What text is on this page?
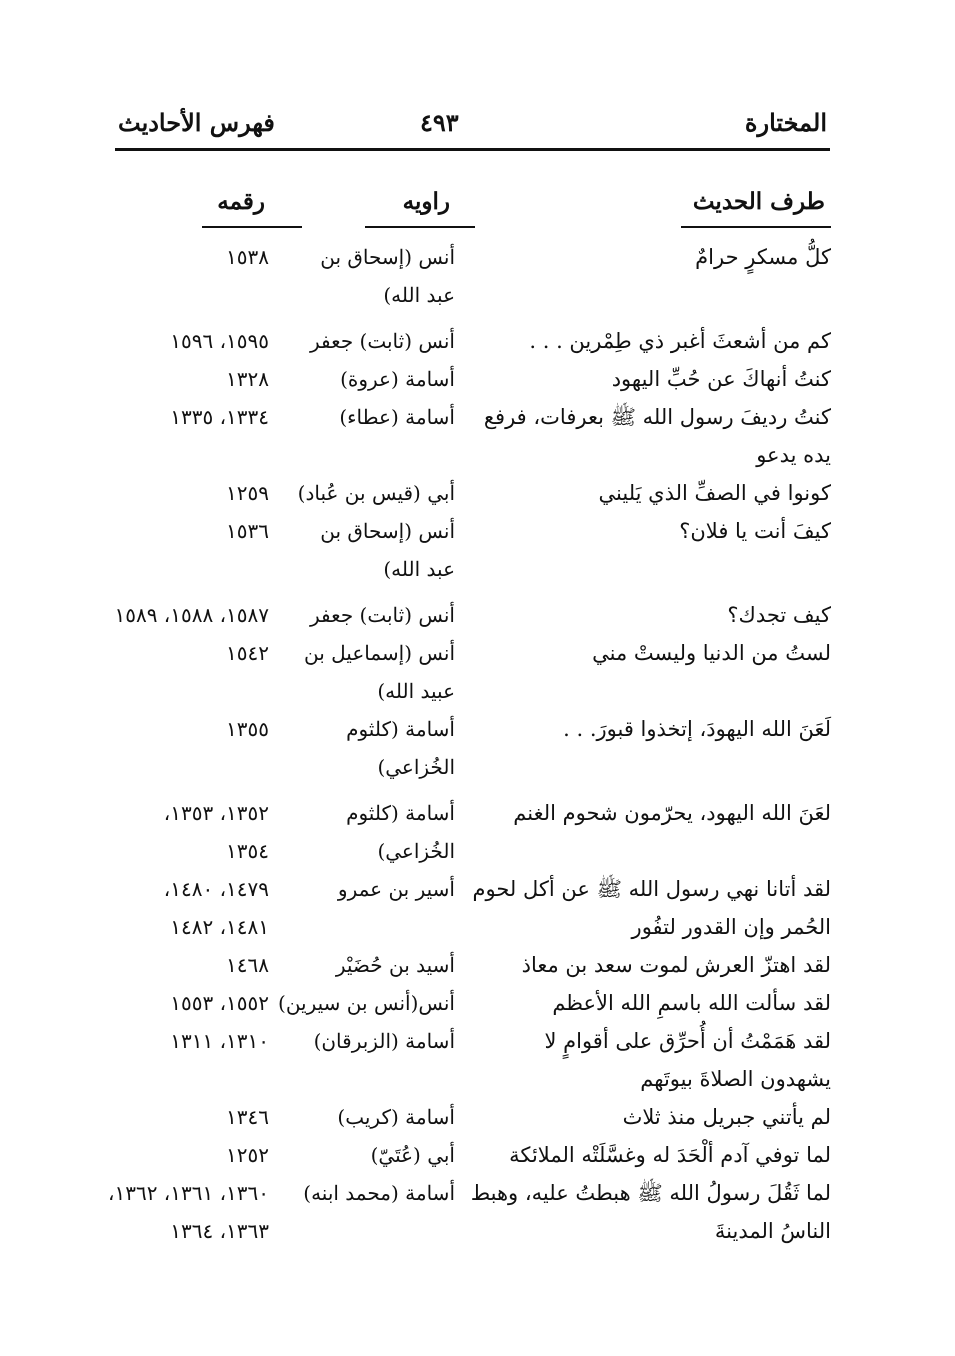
المختارة
٤٩٣
فهرس الأحاديث
طرف الحديث
راويه
رقمه
كلُّ مسكرٍ حرامٌ
أنس (إسحاق بن
١٥٣٨
عبد الله)
كم من أشعثَ أغبر ذي طِمْرين . . .
أنس (ثابت) جعفر
١٥٩٥، ١٥٩٦
كنتُ أنهاكَ عن حُبِّ اليهود
أسامة (عروة)
١٣٢٨
كنتُ رديفَ رسول الله ﷺ بعرفات، فرفع
أسامة (عطاء)
١٣٣٤، ١٣٣٥
يده يدعو
كونوا في الصفِّ الذي يَليني
أبي (قيس بن عُباد)
١٢٥٩
كيفَ أنت يا فلان؟
أنس (إسحاق بن
١٥٣٦
عبد الله)
كيف تجدك؟
أنس (ثابت) جعفر
١٥٨٧، ١٥٨٨، ١٥٨٩
لستُ من الدنيا وليستْ مني
أنس (إسماعيل بن
١٥٤٢
عبيد الله)
لَعَنَ الله اليهودَ، إتخذوا قبورَ. . .
أسامة (كلثوم
١٣٥٥
الخُزاعي)
لعَنَ الله اليهود، يحرّمون شحوم الغنم
أسامة (كلثوم
١٣٥٢، ١٣٥٣،
الخُزاعي)
١٣٥٤
لقد أتانا نهي رسول الله ﷺ عن أكل لحوم
أسير بن عمرو
١٤٧٩، ١٤٨٠،
الحُمر وإن القدور لتفُور
١٤٨١، ١٤٨٢
لقد اهتزّ العرش لموت سعد بن معاذ
أسيد بن حُضَيْر
١٤٦٨
لقد سألت الله باسمِ الله الأعظم
أنس(أنس بن سيرين)
١٥٥٢، ١٥٥٣
لقد هَمَمْتُ أن أُحرِّق على أقوامٍ لا
أسامة (الزبرقان)
١٣١٠، ١٣١١
يشهدون الصلاةَ بيوتَهم
لم يأتني جبريل منذ ثلاث
أسامة (كريب)
١٣٤٦
لما توفي آدم ألْحَدَ له وغسَّلَتْه الملائكة
أبي (عُتَيّ)
١٢٥٢
لما ثَقُلَ رسولُ الله ﷺ هبطتُ عليه، وهبط
أسامة (محمد ابنه)
١٣٦٠، ١٣٦١، ١٣٦٢،
الناسُ المدينةَ
١٣٦٣، ١٣٦٤
